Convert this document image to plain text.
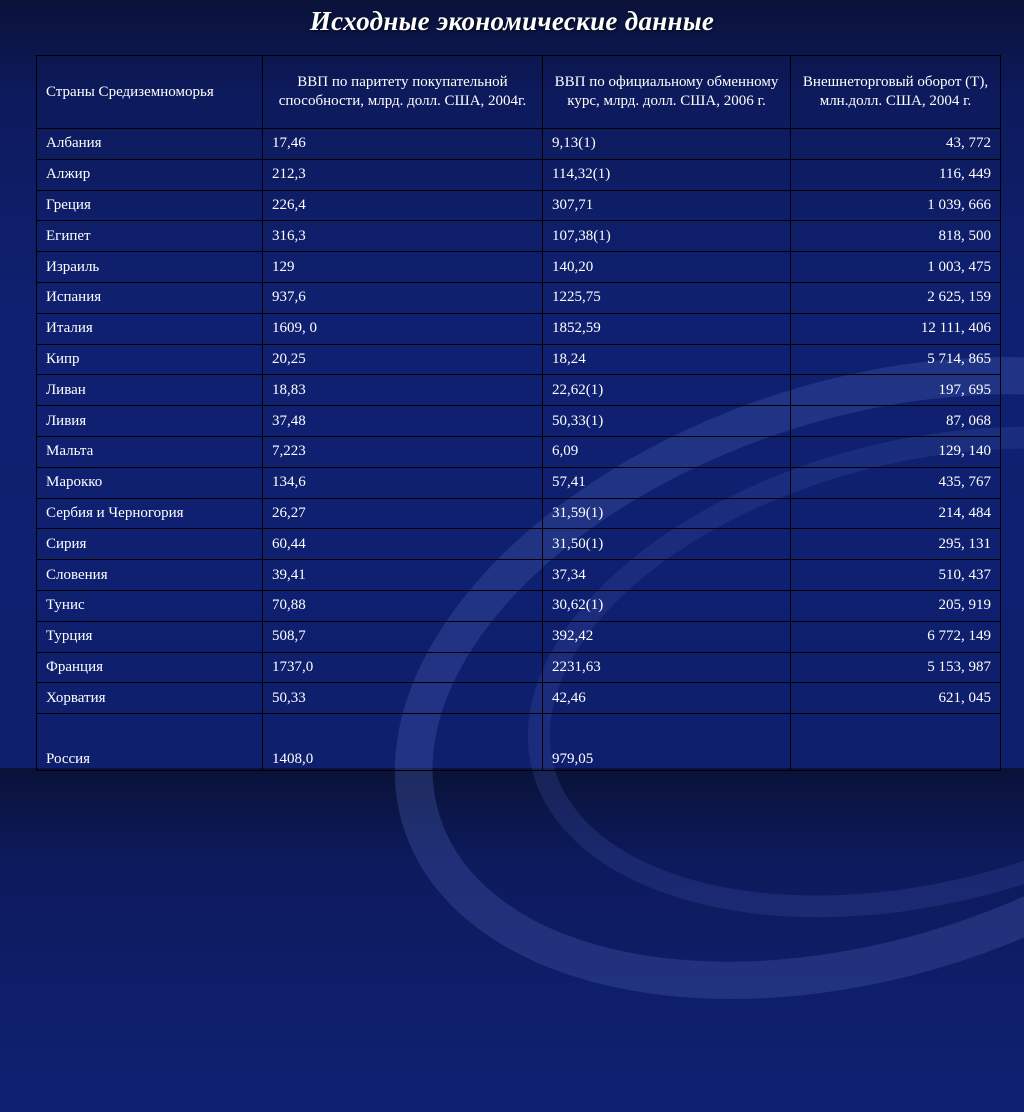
Исходные экономические данные
Страны Средиземноморья	ВВП по паритету покупательной способности, млрд. долл. США, 2004г.	ВВП по официальному обменному курс, млрд. долл. США, 2006 г.	Внешнеторговый оборот (Т), млн.долл. США, 2004 г.
Албания	17,46	9,13(1)	43, 772
Алжир	212,3	114,32(1)	116, 449
Греция	226,4	307,71	1 039, 666
Египет	316,3	107,38(1)	818, 500
Израиль	129	140,20	1 003, 475
Испания	937,6	1225,75	2 625, 159
Италия	1609, 0	1852,59	12 111, 406
Кипр	20,25	18,24	5 714, 865
Ливан	18,83	22,62(1)	197, 695
Ливия	37,48	50,33(1)	87, 068
Мальта	7,223	6,09	129, 140
Марокко	134,6	57,41	435, 767
Сербия и Черногория	26,27	31,59(1)	214, 484
Сирия	60,44	31,50(1)	295, 131
Словения	39,41	37,34	510, 437
Тунис	70,88	30,62(1)	205, 919
Турция	508,7	392,42	6 772, 149
Франция	1737,0	2231,63	5 153, 987
Хорватия	50,33	42,46	621, 045
Россия	1408,0	979,05	
